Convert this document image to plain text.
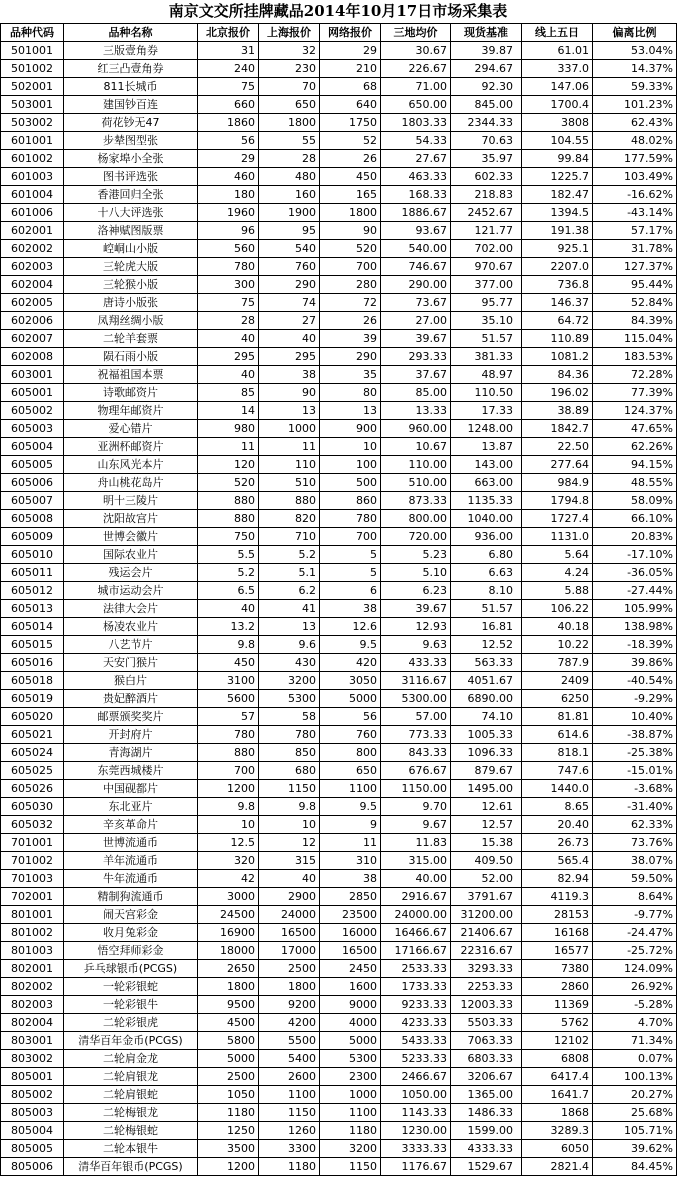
南京文交所挂牌藏品2014年10月17日市场采集表
品种代码	品种名称	北京报价	上海报价	网络报价	三地均价	现货基准	线上五日	偏离比例
501001	三版壹角券	31	32	29	30.67	39.87	61.01	53.04%
501002	红三凸壹角券	240	230	210	226.67	294.67	337.0	14.37%
502001	811长城币	75	70	68	71.00	92.30	147.06	59.33%
503001	建国钞百连	660	650	640	650.00	845.00	1700.4	101.23%
503002	荷花钞无47	1860	1800	1750	1803.33	2344.33	3808	62.43%
601001	步辇图型张	56	55	52	54.33	70.63	104.55	48.02%
601002	杨家埠小全张	29	28	26	27.67	35.97	99.84	177.59%
601003	图书评选张	460	480	450	463.33	602.33	1225.7	103.49%
601004	香港回归全张	180	160	165	168.33	218.83	182.47	-16.62%
601006	十八大评选张	1960	1900	1800	1886.67	2452.67	1394.5	-43.14%
602001	洛神赋图版票	96	95	90	93.67	121.77	191.38	57.17%
602002	崆峒山小版	560	540	520	540.00	702.00	925.1	31.78%
602003	三轮虎大版	780	760	700	746.67	970.67	2207.0	127.37%
602004	三轮猴小版	300	290	280	290.00	377.00	736.8	95.44%
602005	唐诗小版张	75	74	72	73.67	95.77	146.37	52.84%
602006	凤翔丝绸小版	28	27	26	27.00	35.10	64.72	84.39%
602007	二轮羊套票	40	40	39	39.67	51.57	110.89	115.04%
602008	陨石雨小版	295	295	290	293.33	381.33	1081.2	183.53%
603001	祝福祖国本票	40	38	35	37.67	48.97	84.36	72.28%
605001	诗歌邮资片	85	90	80	85.00	110.50	196.02	77.39%
605002	物理年邮资片	14	13	13	13.33	17.33	38.89	124.37%
605003	爱心错片	980	1000	900	960.00	1248.00	1842.7	47.65%
605004	亚洲杯邮资片	11	11	10	10.67	13.87	22.50	62.26%
605005	山东风光本片	120	110	100	110.00	143.00	277.64	94.15%
605006	舟山桃花岛片	520	510	500	510.00	663.00	984.9	48.55%
605007	明十三陵片	880	880	860	873.33	1135.33	1794.8	58.09%
605008	沈阳故宫片	880	820	780	800.00	1040.00	1727.4	66.10%
605009	世博会徽片	750	710	700	720.00	936.00	1131.0	20.83%
605010	国际农业片	5.5	5.2	5	5.23	6.80	5.64	-17.10%
605011	残运会片	5.2	5.1	5	5.10	6.63	4.24	-36.05%
605012	城市运动会片	6.5	6.2	6	6.23	8.10	5.88	-27.44%
605013	法律大会片	40	41	38	39.67	51.57	106.22	105.99%
605014	杨凌农业片	13.2	13	12.6	12.93	16.81	40.18	138.98%
605015	八艺节片	9.8	9.6	9.5	9.63	12.52	10.22	-18.39%
605016	天安门猴片	450	430	420	433.33	563.33	787.9	39.86%
605018	猴白片	3100	3200	3050	3116.67	4051.67	2409	-40.54%
605019	贵妃醉酒片	5600	5300	5000	5300.00	6890.00	6250	-9.29%
605020	邮票颁奖奖片	57	58	56	57.00	74.10	81.81	10.40%
605021	开封府片	780	780	760	773.33	1005.33	614.6	-38.87%
605024	青海湖片	880	850	800	843.33	1096.33	818.1	-25.38%
605025	东莞西城楼片	700	680	650	676.67	879.67	747.6	-15.01%
605026	中国砚都片	1200	1150	1100	1150.00	1495.00	1440.0	-3.68%
605030	东北亚片	9.8	9.8	9.5	9.70	12.61	8.65	-31.40%
605032	辛亥革命片	10	10	9	9.67	12.57	20.40	62.33%
701001	世博流通币	12.5	12	11	11.83	15.38	26.73	73.76%
701002	羊年流通币	320	315	310	315.00	409.50	565.4	38.07%
701003	牛年流通币	42	40	38	40.00	52.00	82.94	59.50%
702001	精制狗流通币	3000	2900	2850	2916.67	3791.67	4119.3	8.64%
801001	闹天宫彩金	24500	24000	23500	24000.00	31200.00	28153	-9.77%
801002	收月兔彩金	16900	16500	16000	16466.67	21406.67	16168	-24.47%
801003	悟空拜师彩金	18000	17000	16500	17166.67	22316.67	16577	-25.72%
802001	乒乓球银币(PCGS)	2650	2500	2450	2533.33	3293.33	7380	124.09%
802002	一轮彩银蛇	1800	1800	1600	1733.33	2253.33	2860	26.92%
802003	一轮彩银牛	9500	9200	9000	9233.33	12003.33	11369	-5.28%
802004	二轮彩银虎	4500	4200	4000	4233.33	5503.33	5762	4.70%
803001	清华百年金币(PCGS)	5800	5500	5000	5433.33	7063.33	12102	71.34%
803002	二轮肩金龙	5000	5400	5300	5233.33	6803.33	6808	0.07%
805001	二轮肩银龙	2500	2600	2300	2466.67	3206.67	6417.4	100.13%
805002	二轮肩银蛇	1050	1100	1000	1050.00	1365.00	1641.7	20.27%
805003	二轮梅银龙	1180	1150	1100	1143.33	1486.33	1868	25.68%
805004	二轮梅银蛇	1250	1260	1180	1230.00	1599.00	3289.3	105.71%
805005	二轮本银牛	3500	3300	3200	3333.33	4333.33	6050	39.62%
805006	清华百年银币(PCGS)	1200	1180	1150	1176.67	1529.67	2821.4	84.45%
